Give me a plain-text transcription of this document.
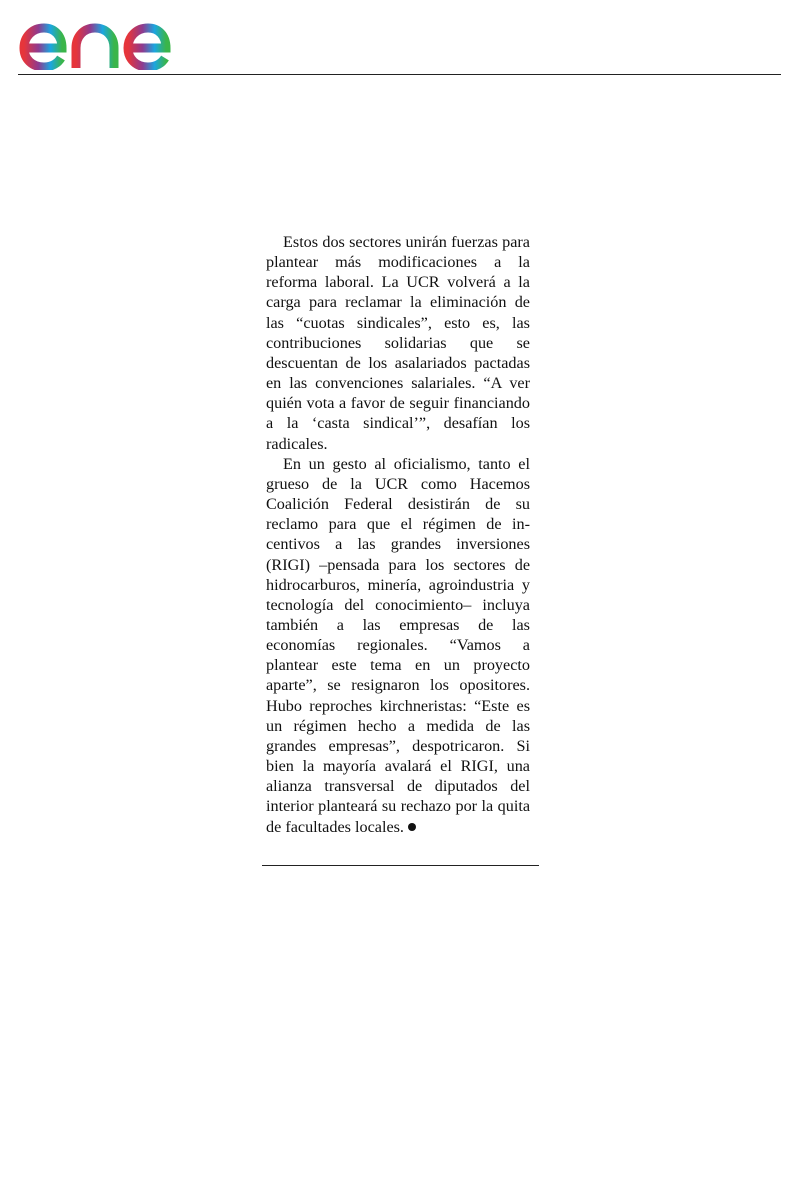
Estos dos sectores unirán fuerzas para plantear más modificaciones a la reforma laboral. La UCR volverá a la carga para reclamar la eliminación de las “cuotas sindicales”, esto es, las contribuciones solidarias que se descuentan de los asalariados pactadas en las convenciones salariales. “A ver quién vota a favor de seguir financiando a la ‘casta sindical’”, desafían los radicales.

En un gesto al oficialismo, tanto el grueso de la UCR como Hacemos Coalición Federal desistirán de su reclamo para que el régimen de incentivos a las grandes inversiones (RIGI) –pensada para los sectores de hidrocarburos, minería, agroindustria y tecnología del conocimiento– incluya también a las empresas de las economías regionales. “Vamos a plantear este tema en un proyecto aparte”, se resignaron los opositores. Hubo reproches kirchneristas: “Este es un régimen hecho a medida de las grandes empresas”, despotricaron. Si bien la mayoría avalará el RIGI, una alianza transversal de diputados del interior planteará su rechazo por la quita de facultades locales.
